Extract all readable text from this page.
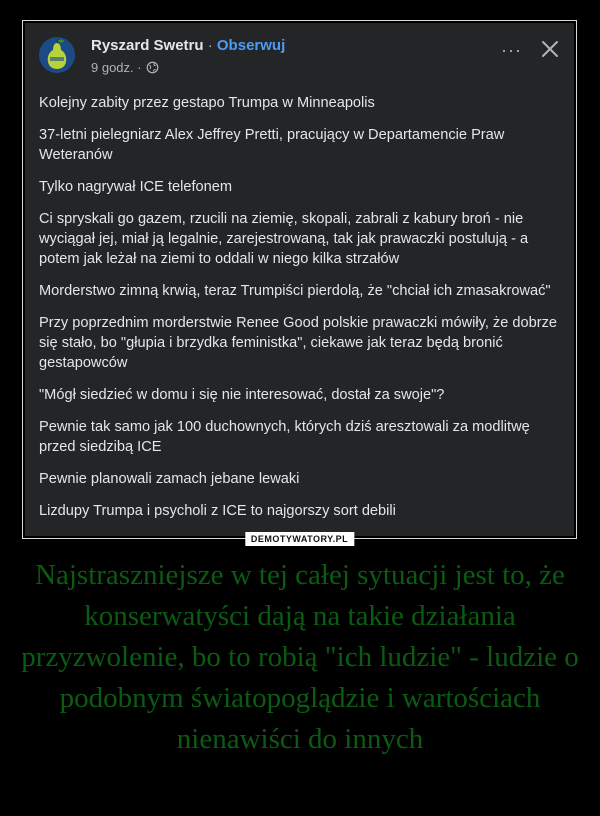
Ryszard Swetru · Obserwuj
9 godz. ·
···

Kolejny zabity przez gestapo Trumpa w Minneapolis

37-letni pielegniarz Alex Jeffrey Pretti, pracujący w Departamencie Praw Weteranów

Tylko nagrywał ICE telefonem

Ci spryskali go gazem, rzucili na ziemię, skopali, zabrali z kabury broń - nie wyciągał jej, miał ją legalnie, zarejestrowaną, tak jak prawaczki postulują - a potem jak leżał na ziemi to oddali w niego kilka strzałów

Morderstwo zimną krwią, teraz Trumpiści pierdolą, że "chciał ich zmasakrować"

Przy poprzednim morderstwie Renee Good polskie prawaczki mówiły, że dobrze się stało, bo "głupia i brzydka feministka", ciekawe jak teraz będą bronić gestapowców

"Mógł siedzieć w domu i się nie interesować, dostał za swoje"?

Pewnie tak samo jak 100 duchownych, których dziś aresztowali za modlitwę przed siedzibą ICE

Pewnie planowali zamach jebane lewaki

Lizdupy Trumpa i psycholi z ICE to najgorszy sort debili

DEMOTYWATORY.PL
Najstraszniejsze w tej całej sytuacji jest to, że konserwatyści dają na takie działania przyzwolenie, bo to robią "ich ludzie" - ludzie o podobnym światopoglądzie i wartościach nienawiści do innych
